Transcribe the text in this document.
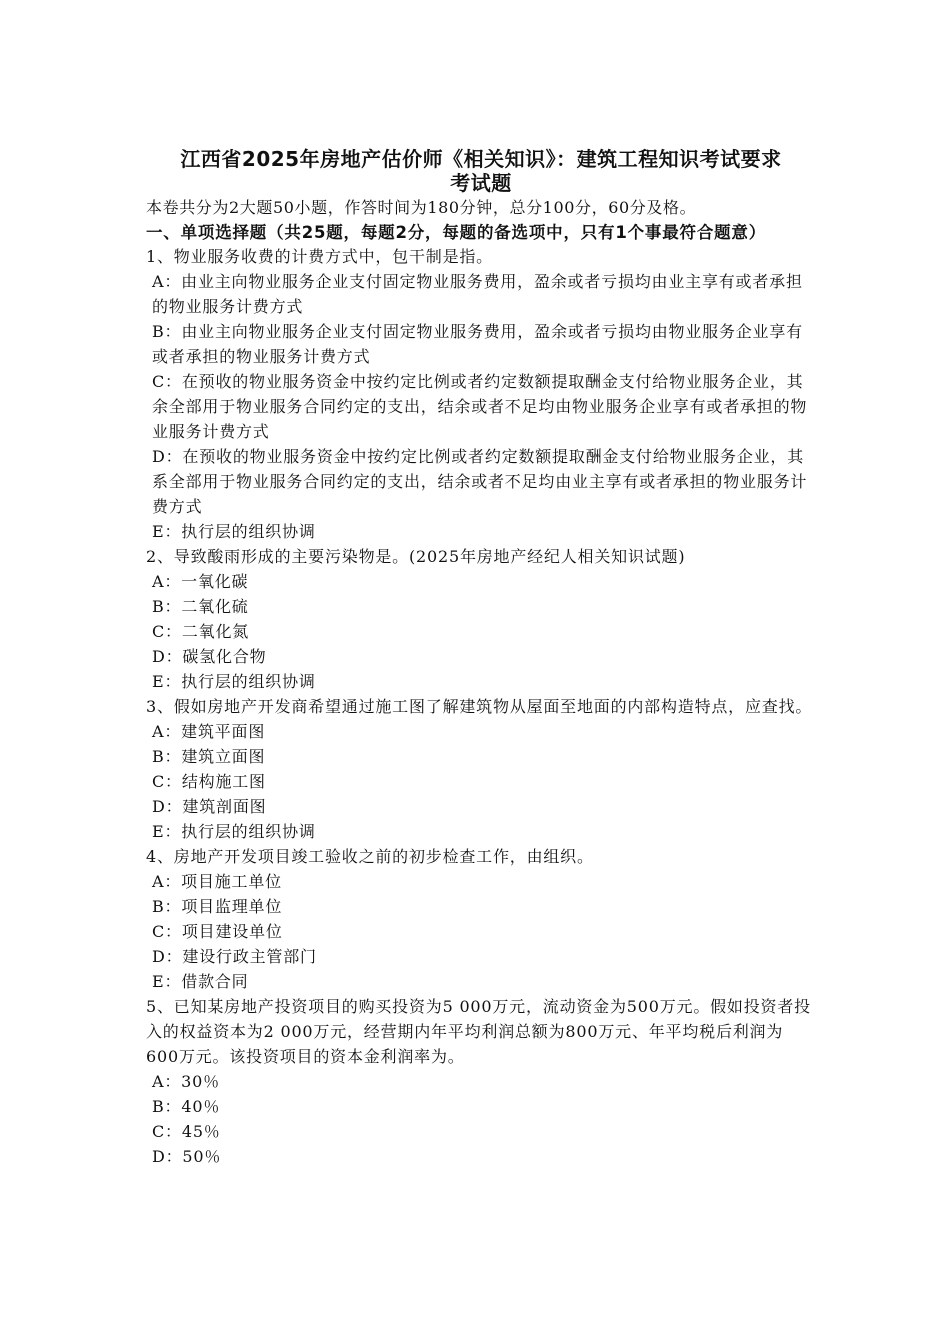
江西省2025年房地产估价师《相关知识》：建筑工程知识考试要求
考试题

本卷共分为2大题50小题，作答时间为180分钟，总分100分，60分及格。

一、单项选择题（共25题，每题2分，每题的备选项中，只有1个事最符合题意）

1、物业服务收费的计费方式中，包干制是指。

A：由业主向物业服务企业支付固定物业服务费用，盈余或者亏损均由业主享有或者承担的物业服务计费方式

B：由业主向物业服务企业支付固定物业服务费用，盈余或者亏损均由物业服务企业享有或者承担的物业服务计费方式

C：在预收的物业服务资金中按约定比例或者约定数额提取酬金支付给物业服务企业，其余全部用于物业服务合同约定的支出，结余或者不足均由物业服务企业享有或者承担的物业服务计费方式

D：在预收的物业服务资金中按约定比例或者约定数额提取酬金支付给物业服务企业，其系全部用于物业服务合同约定的支出，结余或者不足均由业主享有或者承担的物业服务计费方式

E：执行层的组织协调

2、导致酸雨形成的主要污染物是。(2025年房地产经纪人相关知识试题)

A：一氧化碳

B：二氧化硫

C：二氧化氮

D：碳氢化合物

E：执行层的组织协调

3、假如房地产开发商希望通过施工图了解建筑物从屋面至地面的内部构造特点，应查找。

A：建筑平面图

B：建筑立面图

C：结构施工图

D：建筑剖面图

E：执行层的组织协调

4、房地产开发项目竣工验收之前的初步检查工作，由组织。

A：项目施工单位

B：项目监理单位

C：项目建设单位

D：建设行政主管部门

E：借款合同

5、已知某房地产投资项目的购买投资为5 000万元，流动资金为500万元。假如投资者投入的权益资本为2 000万元，经营期内年平均利润总额为800万元、年平均税后利润为600万元。该投资项目的资本金利润率为。

A：30％

B：40％

C：45％

D：50％
